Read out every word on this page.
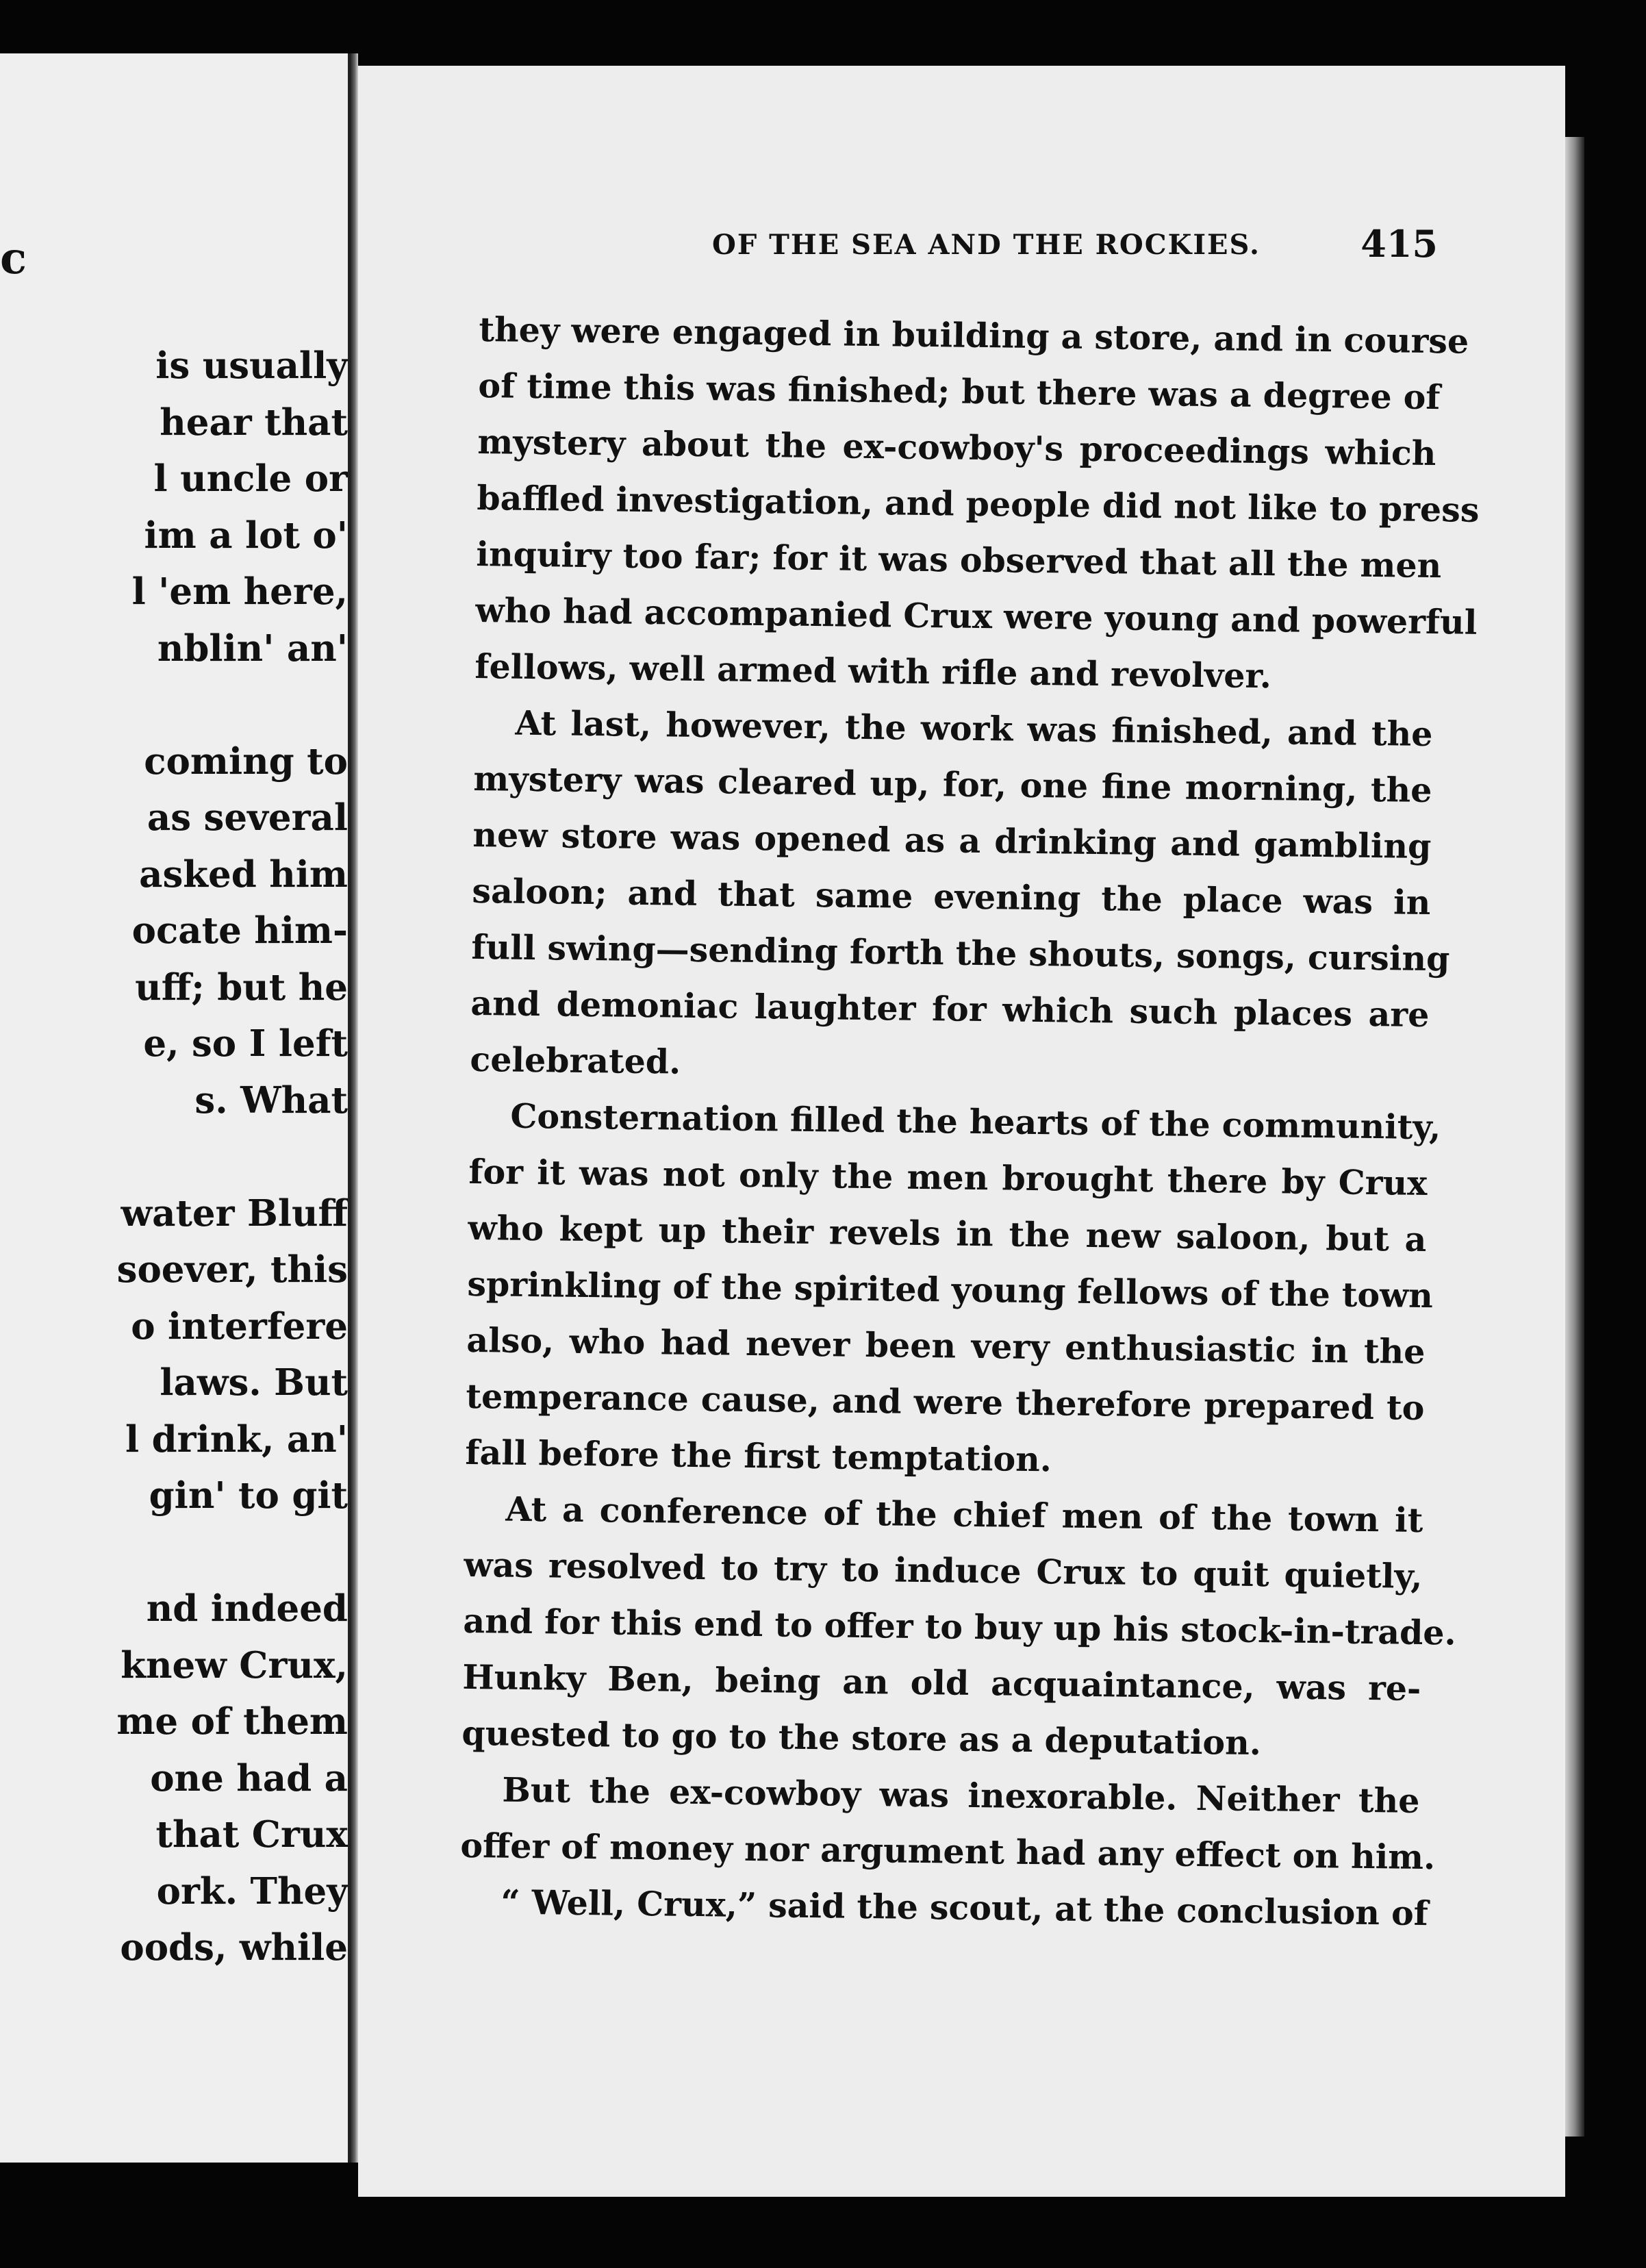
c
is usually
hear that
l uncle or
im a lot o'
l 'em here,
nblin' an'
coming to
as several
asked him
ocate him-
uff; but he
e, so I left
s. What
water Bluff
soever, this
o interfere
laws. But
l drink, an'
gin' to git
nd indeed
knew Crux,
me of them
one had a
that Crux
ork. They
oods, while
OF THE SEA AND THE ROCKIES.	415
they were engaged in building a store, and in course
of time this was finished; but there was a degree of
mystery about the ex-cowboy's proceedings which
baffled investigation, and people did not like to press
inquiry too far; for it was observed that all the men
who had accompanied Crux were young and powerful
fellows, well armed with rifle and revolver.
At last, however, the work was finished, and the
mystery was cleared up, for, one fine morning, the
new store was opened as a drinking and gambling
saloon; and that same evening the place was in
full swing—sending forth the shouts, songs, cursing
and demoniac laughter for which such places are
celebrated.
Consternation filled the hearts of the community,
for it was not only the men brought there by Crux
who kept up their revels in the new saloon, but a
sprinkling of the spirited young fellows of the town
also, who had never been very enthusiastic in the
temperance cause, and were therefore prepared to
fall before the first temptation.
At a conference of the chief men of the town it
was resolved to try to induce Crux to quit quietly,
and for this end to offer to buy up his stock-in-trade.
Hunky Ben, being an old acquaintance, was re-
quested to go to the store as a deputation.
But the ex-cowboy was inexorable. Neither the
offer of money nor argument had any effect on him.
“ Well, Crux,” said the scout, at the conclusion of
